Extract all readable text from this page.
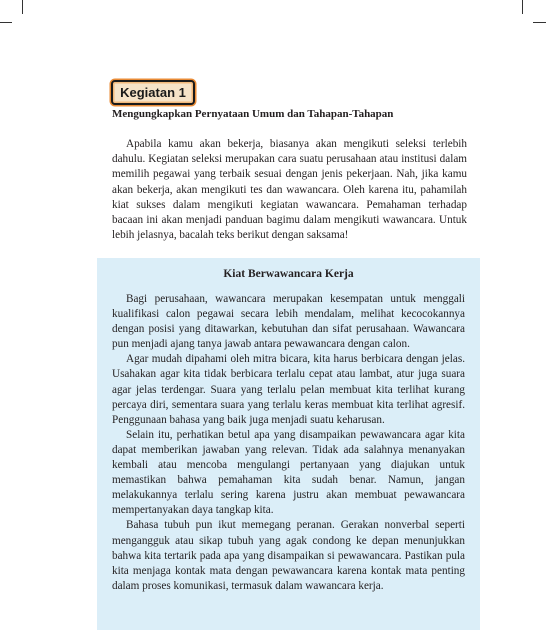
Kegiatan 1
Mengungkapkan Pernyataan Umum dan Tahapan-Tahapan

Apabila kamu akan bekerja, biasanya akan mengikuti seleksi terlebih dahulu. Kegiatan seleksi merupakan cara suatu perusahaan atau institusi dalam memilih pegawai yang terbaik sesuai dengan jenis pekerjaan. Nah, jika kamu akan bekerja, akan mengikuti tes dan wawancara. Oleh karena itu, pahamilah kiat sukses dalam mengikuti kegiatan wawancara. Pemahaman terhadap bacaan ini akan menjadi panduan bagimu dalam mengikuti wawancara. Untuk lebih jelasnya, bacalah teks berikut dengan saksama!

Kiat Berwawancara Kerja

Bagi perusahaan, wawancara merupakan kesempatan untuk menggali kualifikasi calon pegawai secara lebih mendalam, melihat kecocokannya dengan posisi yang ditawarkan, kebutuhan dan sifat perusahaan. Wawancara pun menjadi ajang tanya jawab antara pewawancara dengan calon.

Agar mudah dipahami oleh mitra bicara, kita harus berbicara dengan jelas. Usahakan agar kita tidak berbicara terlalu cepat atau lambat, atur juga suara agar jelas terdengar. Suara yang terlalu pelan membuat kita terlihat kurang percaya diri, sementara suara yang terlalu keras membuat kita terlihat agresif. Penggunaan bahasa yang baik juga menjadi suatu keharusan.

Selain itu, perhatikan betul apa yang disampaikan pewawancara agar kita dapat memberikan jawaban yang relevan. Tidak ada salahnya menanyakan kembali atau mencoba mengulangi pertanyaan yang diajukan untuk memastikan bahwa pemahaman kita sudah benar. Namun, jangan melakukannya terlalu sering karena justru akan membuat pewawancara mempertanyakan daya tangkap kita.

Bahasa tubuh pun ikut memegang peranan. Gerakan nonverbal seperti mengangguk atau sikap tubuh yang agak condong ke depan menunjukkan bahwa kita tertarik pada apa yang disampaikan si pewawancara. Pastikan pula kita menjaga kontak mata dengan pewawancara karena kontak mata penting dalam proses komunikasi, termasuk dalam wawancara kerja.
